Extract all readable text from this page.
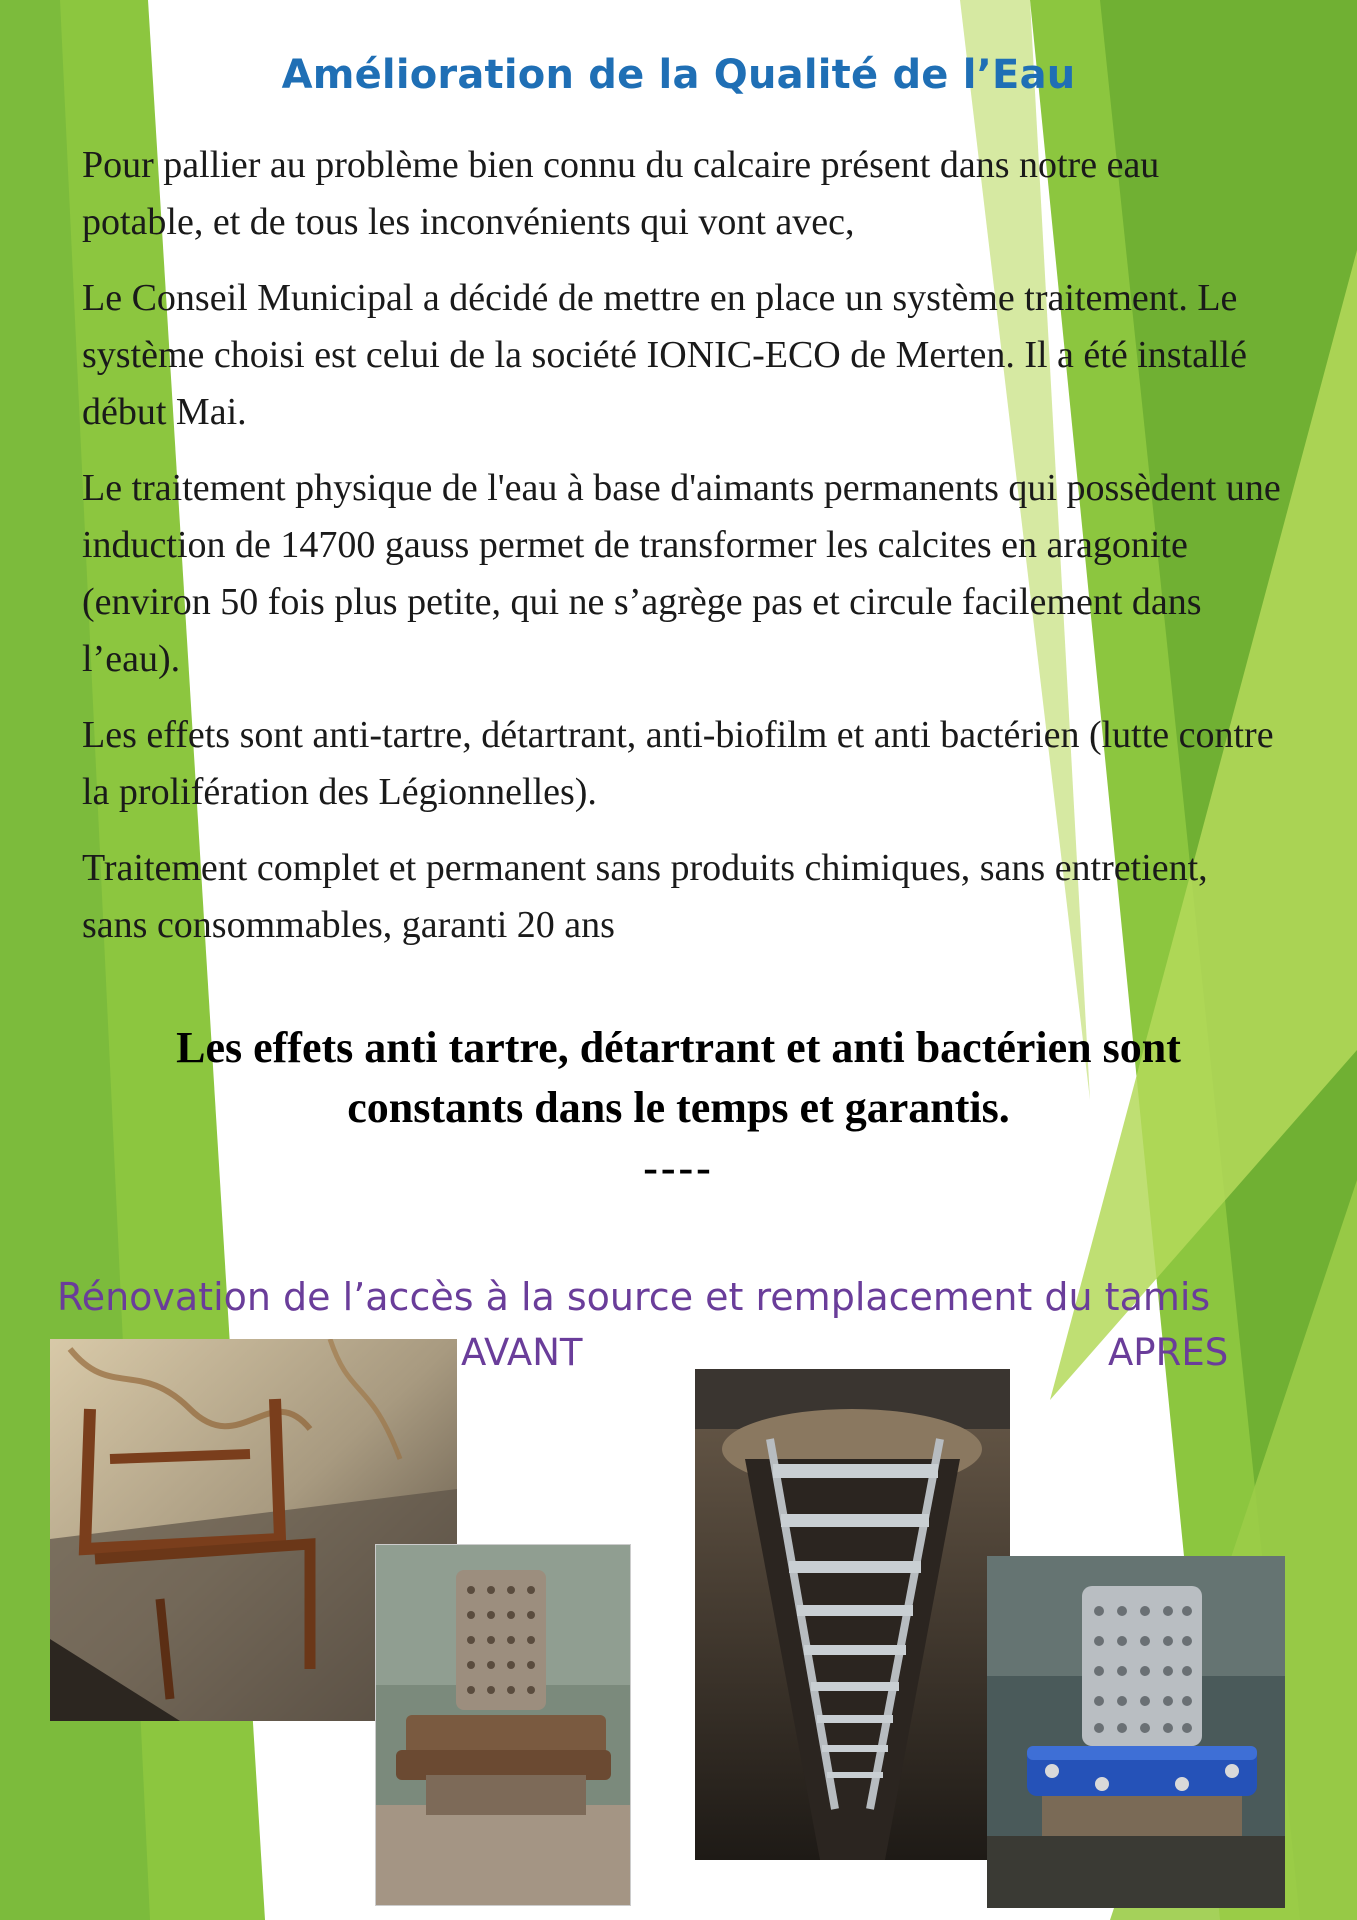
Amélioration de la Qualité de l’Eau

Pour pallier au problème bien connu du calcaire présent dans notre eau potable, et de tous les inconvénients qui vont avec,

Le Conseil Municipal a décidé de mettre en place un système traitement. Le système choisi est celui de la société IONIC-ECO de Merten. Il a été installé début Mai.

Le traitement physique de l'eau à base d'aimants permanents qui possèdent une induction de 14700 gauss permet de transformer les calcites en aragonite (environ 50 fois plus petite, qui ne s’agrège pas et circule facilement dans l’eau).

Les effets sont anti-tartre, détartrant, anti-biofilm et anti bactérien (lutte contre la prolifération des Légionnelles).

Traitement complet et permanent sans produits chimiques, sans entretient, sans consommables, garanti 20 ans

Les effets anti tartre, détartrant et anti bactérien sont
constants dans le temps et garantis.
----
Rénovation de l’accès à la source et remplacement du tamis
AVANT	APRES
